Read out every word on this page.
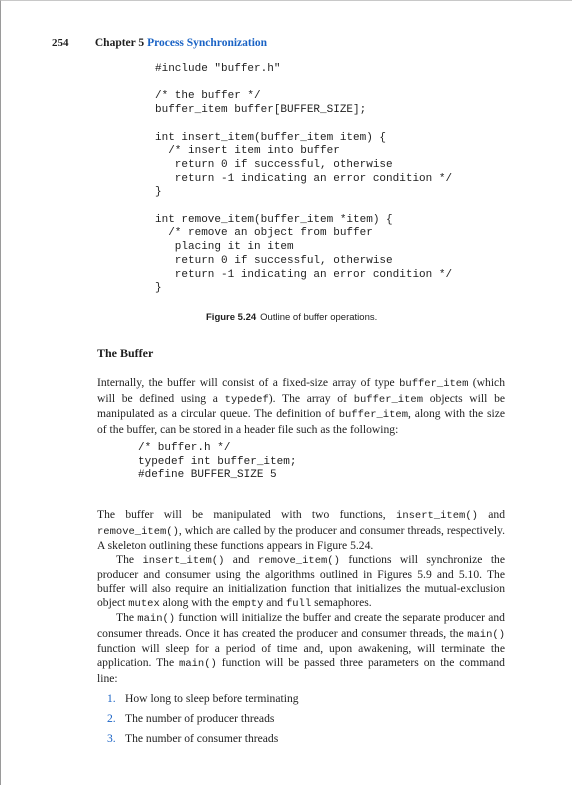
254 Chapter 5 Process Synchronization
#include "buffer.h"

/* the buffer */
buffer_item buffer[BUFFER_SIZE];

int insert_item(buffer_item item) {
/* insert item into buffer
return 0 if successful, otherwise
return -1 indicating an error condition */
}

int remove_item(buffer_item *item) {
/* remove an object from buffer
placing it in item
return 0 if successful, otherwise
return -1 indicating an error condition */
}
Figure 5.24 Outline of buffer operations.
The Buffer

Internally, the buffer will consist of a fixed-size array of type buffer_item (which will be defined using a typedef). The array of buffer_item objects will be manipulated as a circular queue. The definition of buffer_item, along with the size of the buffer, can be stored in a header file such as the following:

/* buffer.h */
typedef int buffer_item;
#define BUFFER_SIZE 5

The buffer will be manipulated with two functions, insert_item() and remove_item(), which are called by the producer and consumer threads, respectively. A skeleton outlining these functions appears in Figure 5.24.
The insert_item() and remove_item() functions will synchronize the producer and consumer using the algorithms outlined in Figures 5.9 and 5.10. The buffer will also require an initialization function that initializes the mutual-exclusion object mutex along with the empty and full semaphores.
The main() function will initialize the buffer and create the separate producer and consumer threads. Once it has created the producer and consumer threads, the main() function will sleep for a period of time and, upon awakening, will terminate the application. The main() function will be passed three parameters on the command line:

1. How long to sleep before terminating
2. The number of producer threads
3. The number of consumer threads
